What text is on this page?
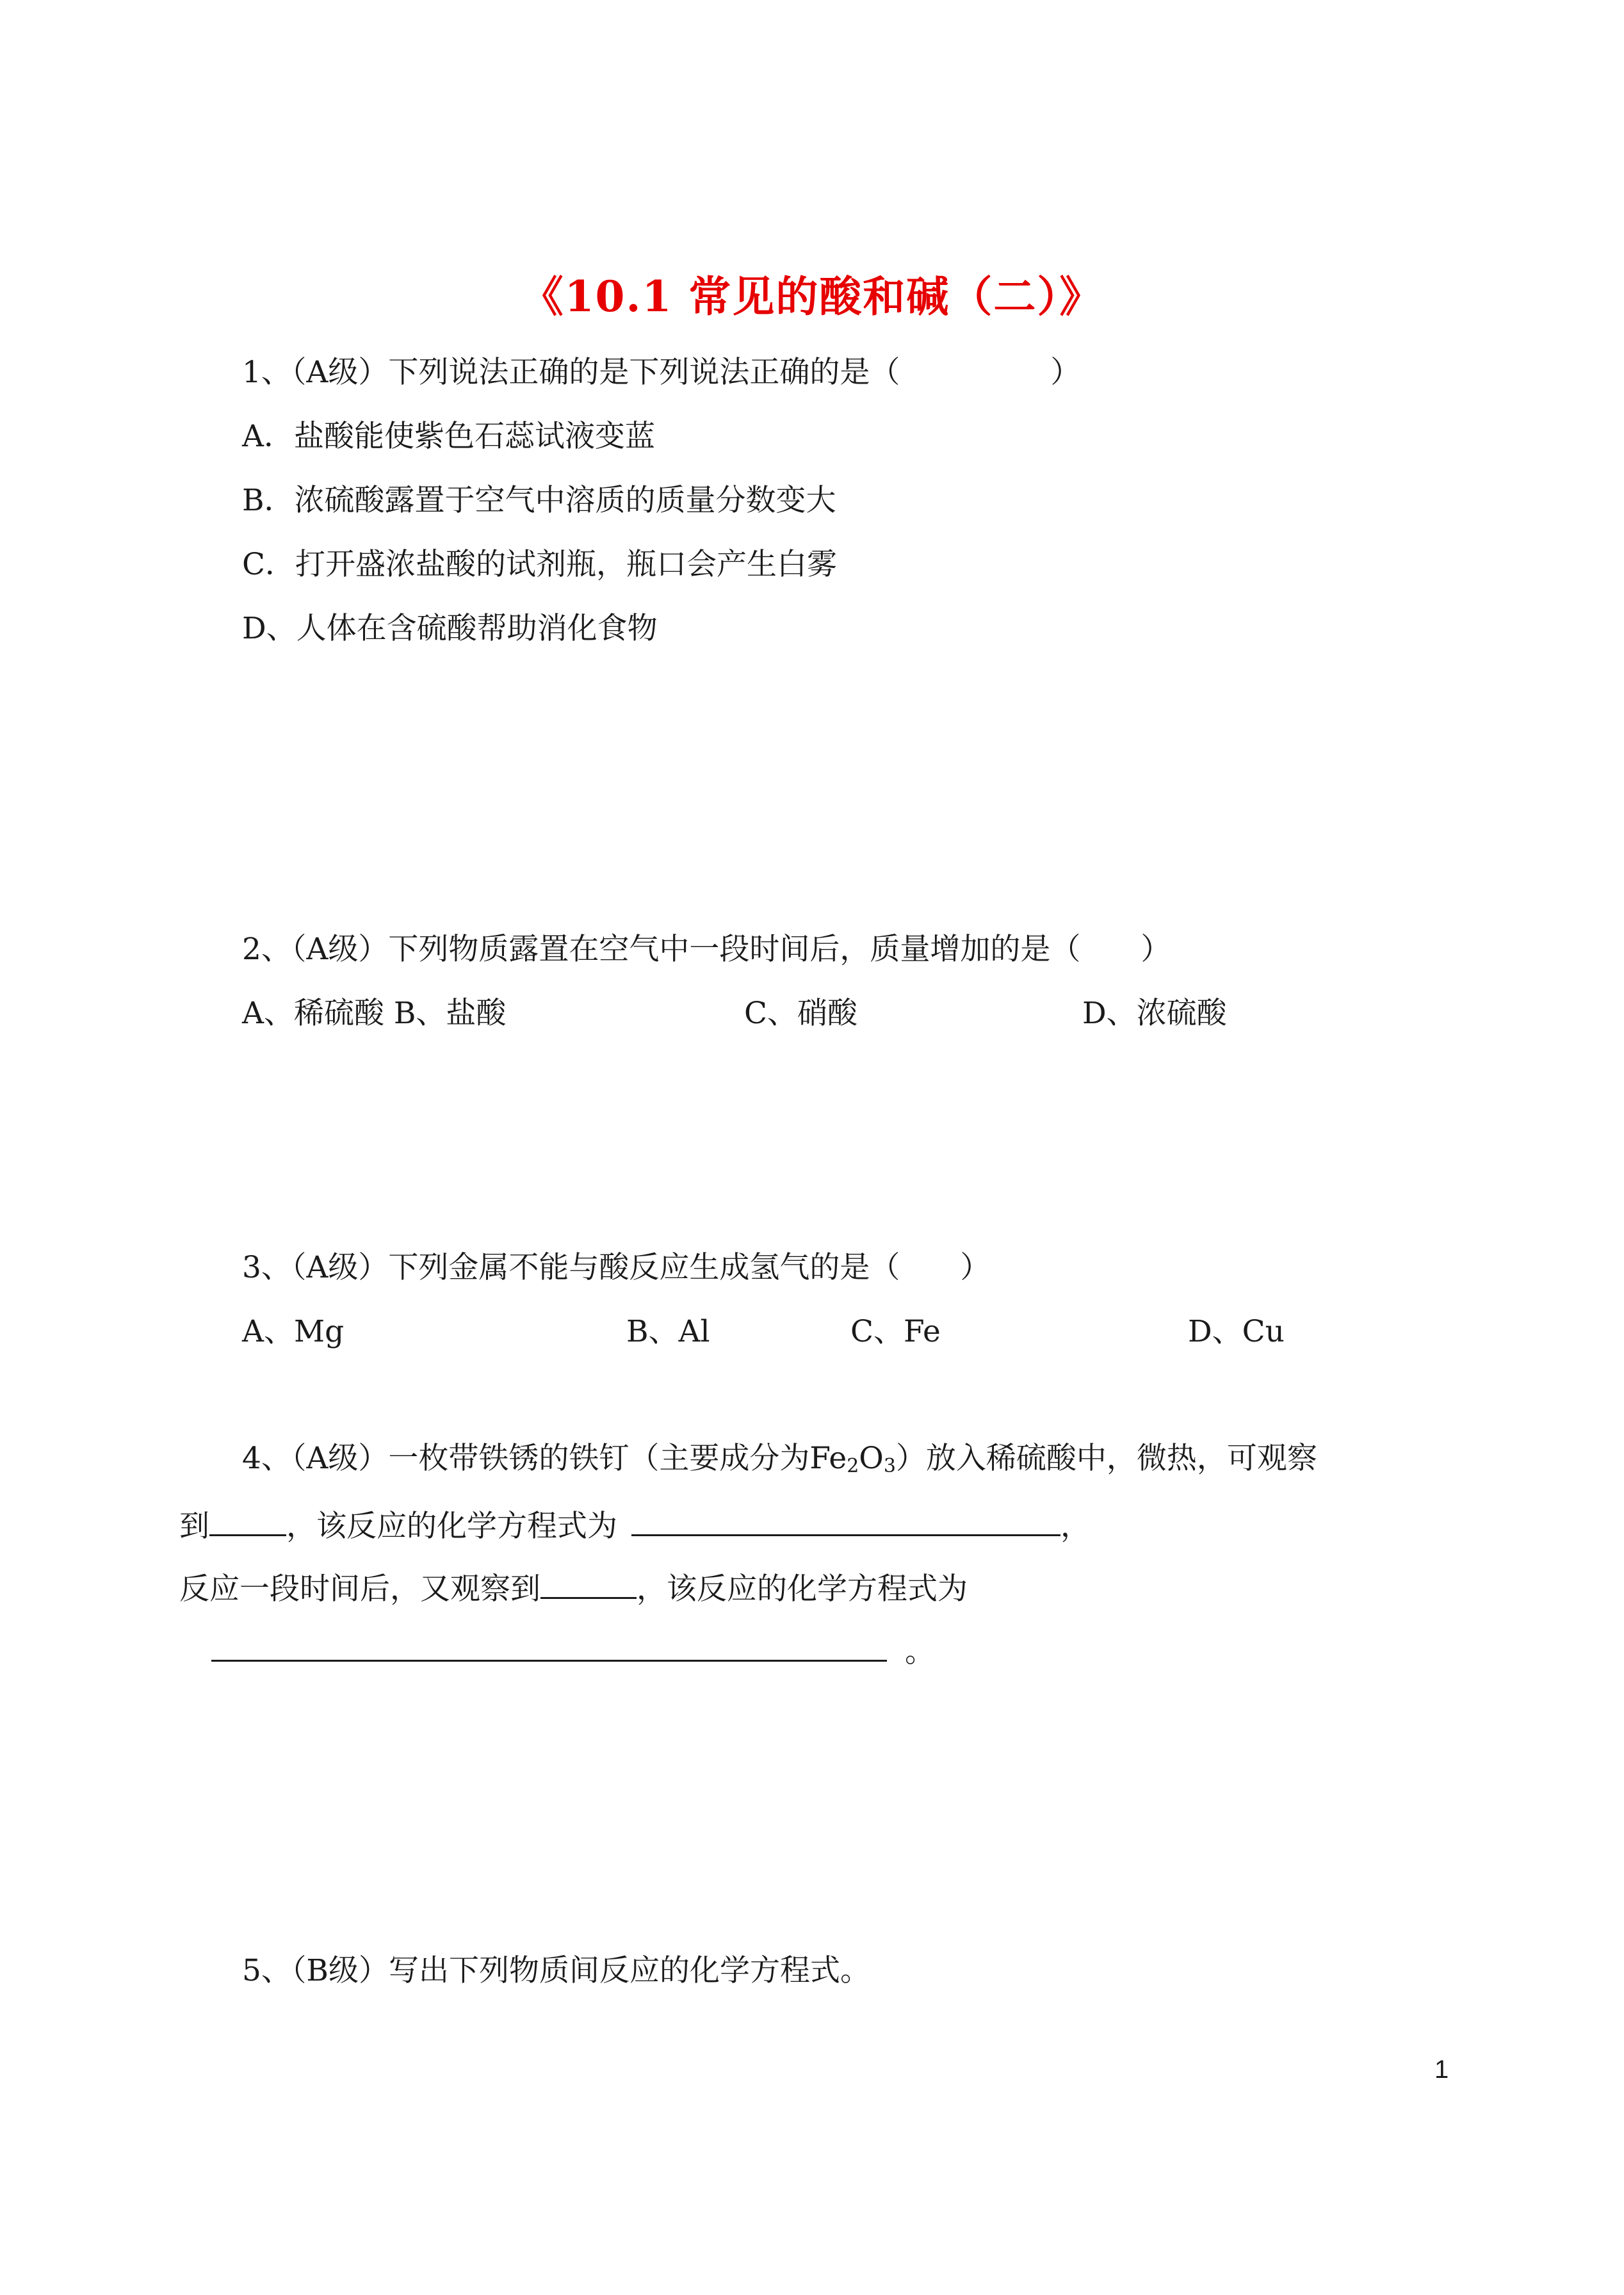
《10.1 常见的酸和碱（二）》
1、（A级）下列说法正确的是下列说法正确的是（　　　　　）
A．盐酸能使紫色石蕊试液变蓝
B．浓硫酸露置于空气中溶质的质量分数变大
C．打开盛浓盐酸的试剂瓶，瓶口会产生白雾
D、人体在含硫酸帮助消化食物
2、（A级）下列物质露置在空气中一段时间后，质量增加的是（　　）
A、稀硫酸 B、盐酸	C、硝酸	D、浓硫酸
3、（A级）下列金属不能与酸反应生成氢气的是（　　）
A、Mg	B、Al	C、Fe	D、Cu
4、（A级）一枚带铁锈的铁钉（主要成分为$Fe_2O_3$）放入稀硫酸中，微热，可观察
到	，该反应的化学方程式为	，
反应一段时间后，又观察到	，该反应的化学方程式为
。
5、（B级）写出下列物质间反应的化学方程式。
1
